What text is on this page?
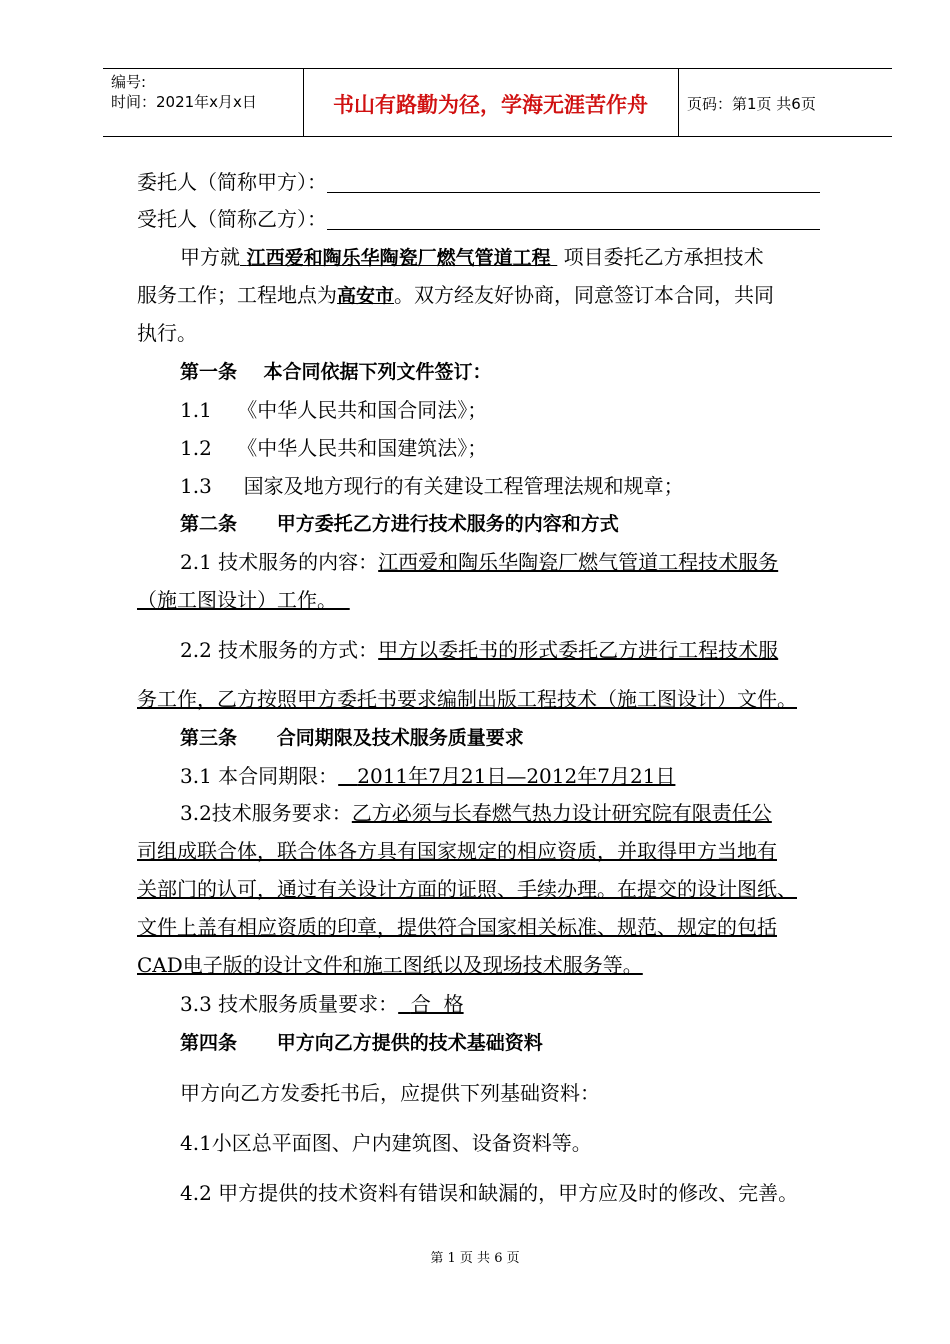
编号:
时间：2021年x月x日	书山有路勤为径，学海无涯苦作舟	页码：第1页 共6页
委托人（简称甲方）：
受托人（简称乙方）：
甲方就 江西爱和陶乐华陶瓷厂燃气管道工程 项目委托乙方承担技术
服务工作；工程地点为高安市。双方经友好协商，同意签订本合同，共同
执行。
第一条    本合同依据下列文件签订：
1.1    《中华人民共和国合同法》；
1.2    《中华人民共和国建筑法》；
1.3     国家及地方现行的有关建设工程管理法规和规章；
第二条      甲方委托乙方进行技术服务的内容和方式
2.1 技术服务的内容：江西爱和陶乐华陶瓷厂燃气管道工程技术服务
（施工图设计）工作。
2.2 技术服务的方式：甲方以委托书的形式委托乙方进行工程技术服
务工作，乙方按照甲方委托书要求编制出版工程技术（施工图设计）文件。
第三条      合同期限及技术服务质量要求
3.1 本合同期限： 2011年7月21日—2012年7月21日
3.2技术服务要求：乙方必须与长春燃气热力设计研究院有限责任公
司组成联合体，联合体各方具有国家规定的相应资质，并取得甲方当地有
关部门的认可，通过有关设计方面的证照、手续办理。在提交的设计图纸、
文件上盖有相应资质的印章，提供符合国家相关标准、规范、规定的包括
CAD电子版的设计文件和施工图纸以及现场技术服务等。
3.3 技术服务质量要求： 合  格
第四条      甲方向乙方提供的技术基础资料
甲方向乙方发委托书后，应提供下列基础资料：
4.1小区总平面图、户内建筑图、设备资料等。
4.2 甲方提供的技术资料有错误和缺漏的，甲方应及时的修改、完善。
第 1 页 共 6 页
